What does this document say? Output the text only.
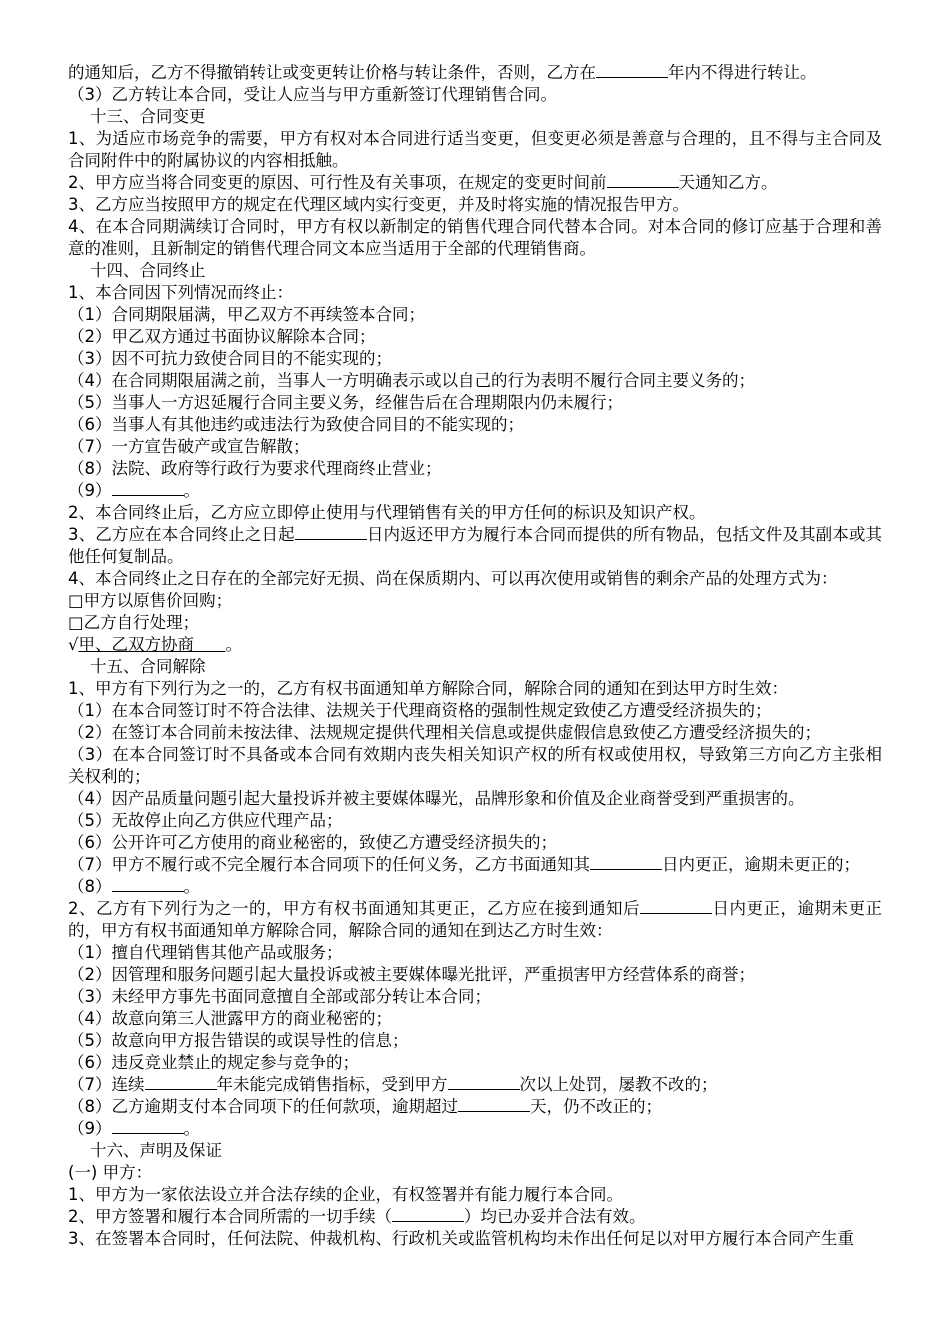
的通知后，乙方不得撤销转让或变更转让价格与转让条件，否则，乙方在	年内不得进行转让。
（3）乙方转让本合同，受让人应当与甲方重新签订代理销售合同。
十三、合同变更
1、为适应市场竞争的需要，甲方有权对本合同进行适当变更，但变更必须是善意与合理的，且不得与主合同及合同附件中的附属协议的内容相抵触。
2、甲方应当将合同变更的原因、可行性及有关事项，在规定的变更时间前	天通知乙方。
3、乙方应当按照甲方的规定在代理区域内实行变更，并及时将实施的情况报告甲方。
4、在本合同期满续订合同时，甲方有权以新制定的销售代理合同代替本合同。对本合同的修订应基于合理和善意的准则，且新制定的销售代理合同文本应当适用于全部的代理销售商。
十四、合同终止
1、本合同因下列情况而终止：
（1）合同期限届满，甲乙双方不再续签本合同；
（2）甲乙双方通过书面协议解除本合同；
（3）因不可抗力致使合同目的不能实现的；
（4）在合同期限届满之前，当事人一方明确表示或以自己的行为表明不履行合同主要义务的；
（5）当事人一方迟延履行合同主要义务，经催告后在合理期限内仍未履行；
（6）当事人有其他违约或违法行为致使合同目的不能实现的；
（7）一方宣告破产或宣告解散；
（8）法院、政府等行政行为要求代理商终止营业；
（9）	。
2、本合同终止后，乙方应立即停止使用与代理销售有关的甲方任何的标识及知识产权。
3、乙方应在本合同终止之日起	日内返还甲方为履行本合同而提供的所有物品，包括文件及其副本或其他任何复制品。
4、本合同终止之日存在的全部完好无损、尚在保质期内、可以再次使用或销售的剩余产品的处理方式为：
□甲方以原售价回购；
□乙方自行处理；
√甲、乙双方协商 。
十五、合同解除
1、甲方有下列行为之一的，乙方有权书面通知单方解除合同，解除合同的通知在到达甲方时生效：
（1）在本合同签订时不符合法律、法规关于代理商资格的强制性规定致使乙方遭受经济损失的；
（2）在签订本合同前未按法律、法规规定提供代理相关信息或提供虚假信息致使乙方遭受经济损失的；
（3）在本合同签订时不具备或本合同有效期内丧失相关知识产权的所有权或使用权，导致第三方向乙方主张相关权利的；
（4）因产品质量问题引起大量投诉并被主要媒体曝光，品牌形象和价值及企业商誉受到严重损害的。
（5）无故停止向乙方供应代理产品；
（6）公开许可乙方使用的商业秘密的，致使乙方遭受经济损失的；
（7）甲方不履行或不完全履行本合同项下的任何义务，乙方书面通知其	日内更正，逾期未更正的；
（8）	。
2、乙方有下列行为之一的，甲方有权书面通知其更正，乙方应在接到通知后	日内更正，逾期未更正的，甲方有权书面通知单方解除合同，解除合同的通知在到达乙方时生效：
（1）擅自代理销售其他产品或服务；
（2）因管理和服务问题引起大量投诉或被主要媒体曝光批评，严重损害甲方经营体系的商誉；
（3）未经甲方事先书面同意擅自全部或部分转让本合同；
（4）故意向第三人泄露甲方的商业秘密的；
（5）故意向甲方报告错误的或误导性的信息；
（6）违反竞业禁止的规定参与竞争的；
（7）连续	年未能完成销售指标，受到甲方	次以上处罚，屡教不改的；
（8）乙方逾期支付本合同项下的任何款项，逾期超过	天，仍不改正的；
（9）	。
十六、声明及保证
(一) 甲方：
1、甲方为一家依法设立并合法存续的企业，有权签署并有能力履行本合同。
2、甲方签署和履行本合同所需的一切手续（	）均已办妥并合法有效。
3、在签署本合同时，任何法院、仲裁机构、行政机关或监管机构均未作出任何足以对甲方履行本合同产生重
